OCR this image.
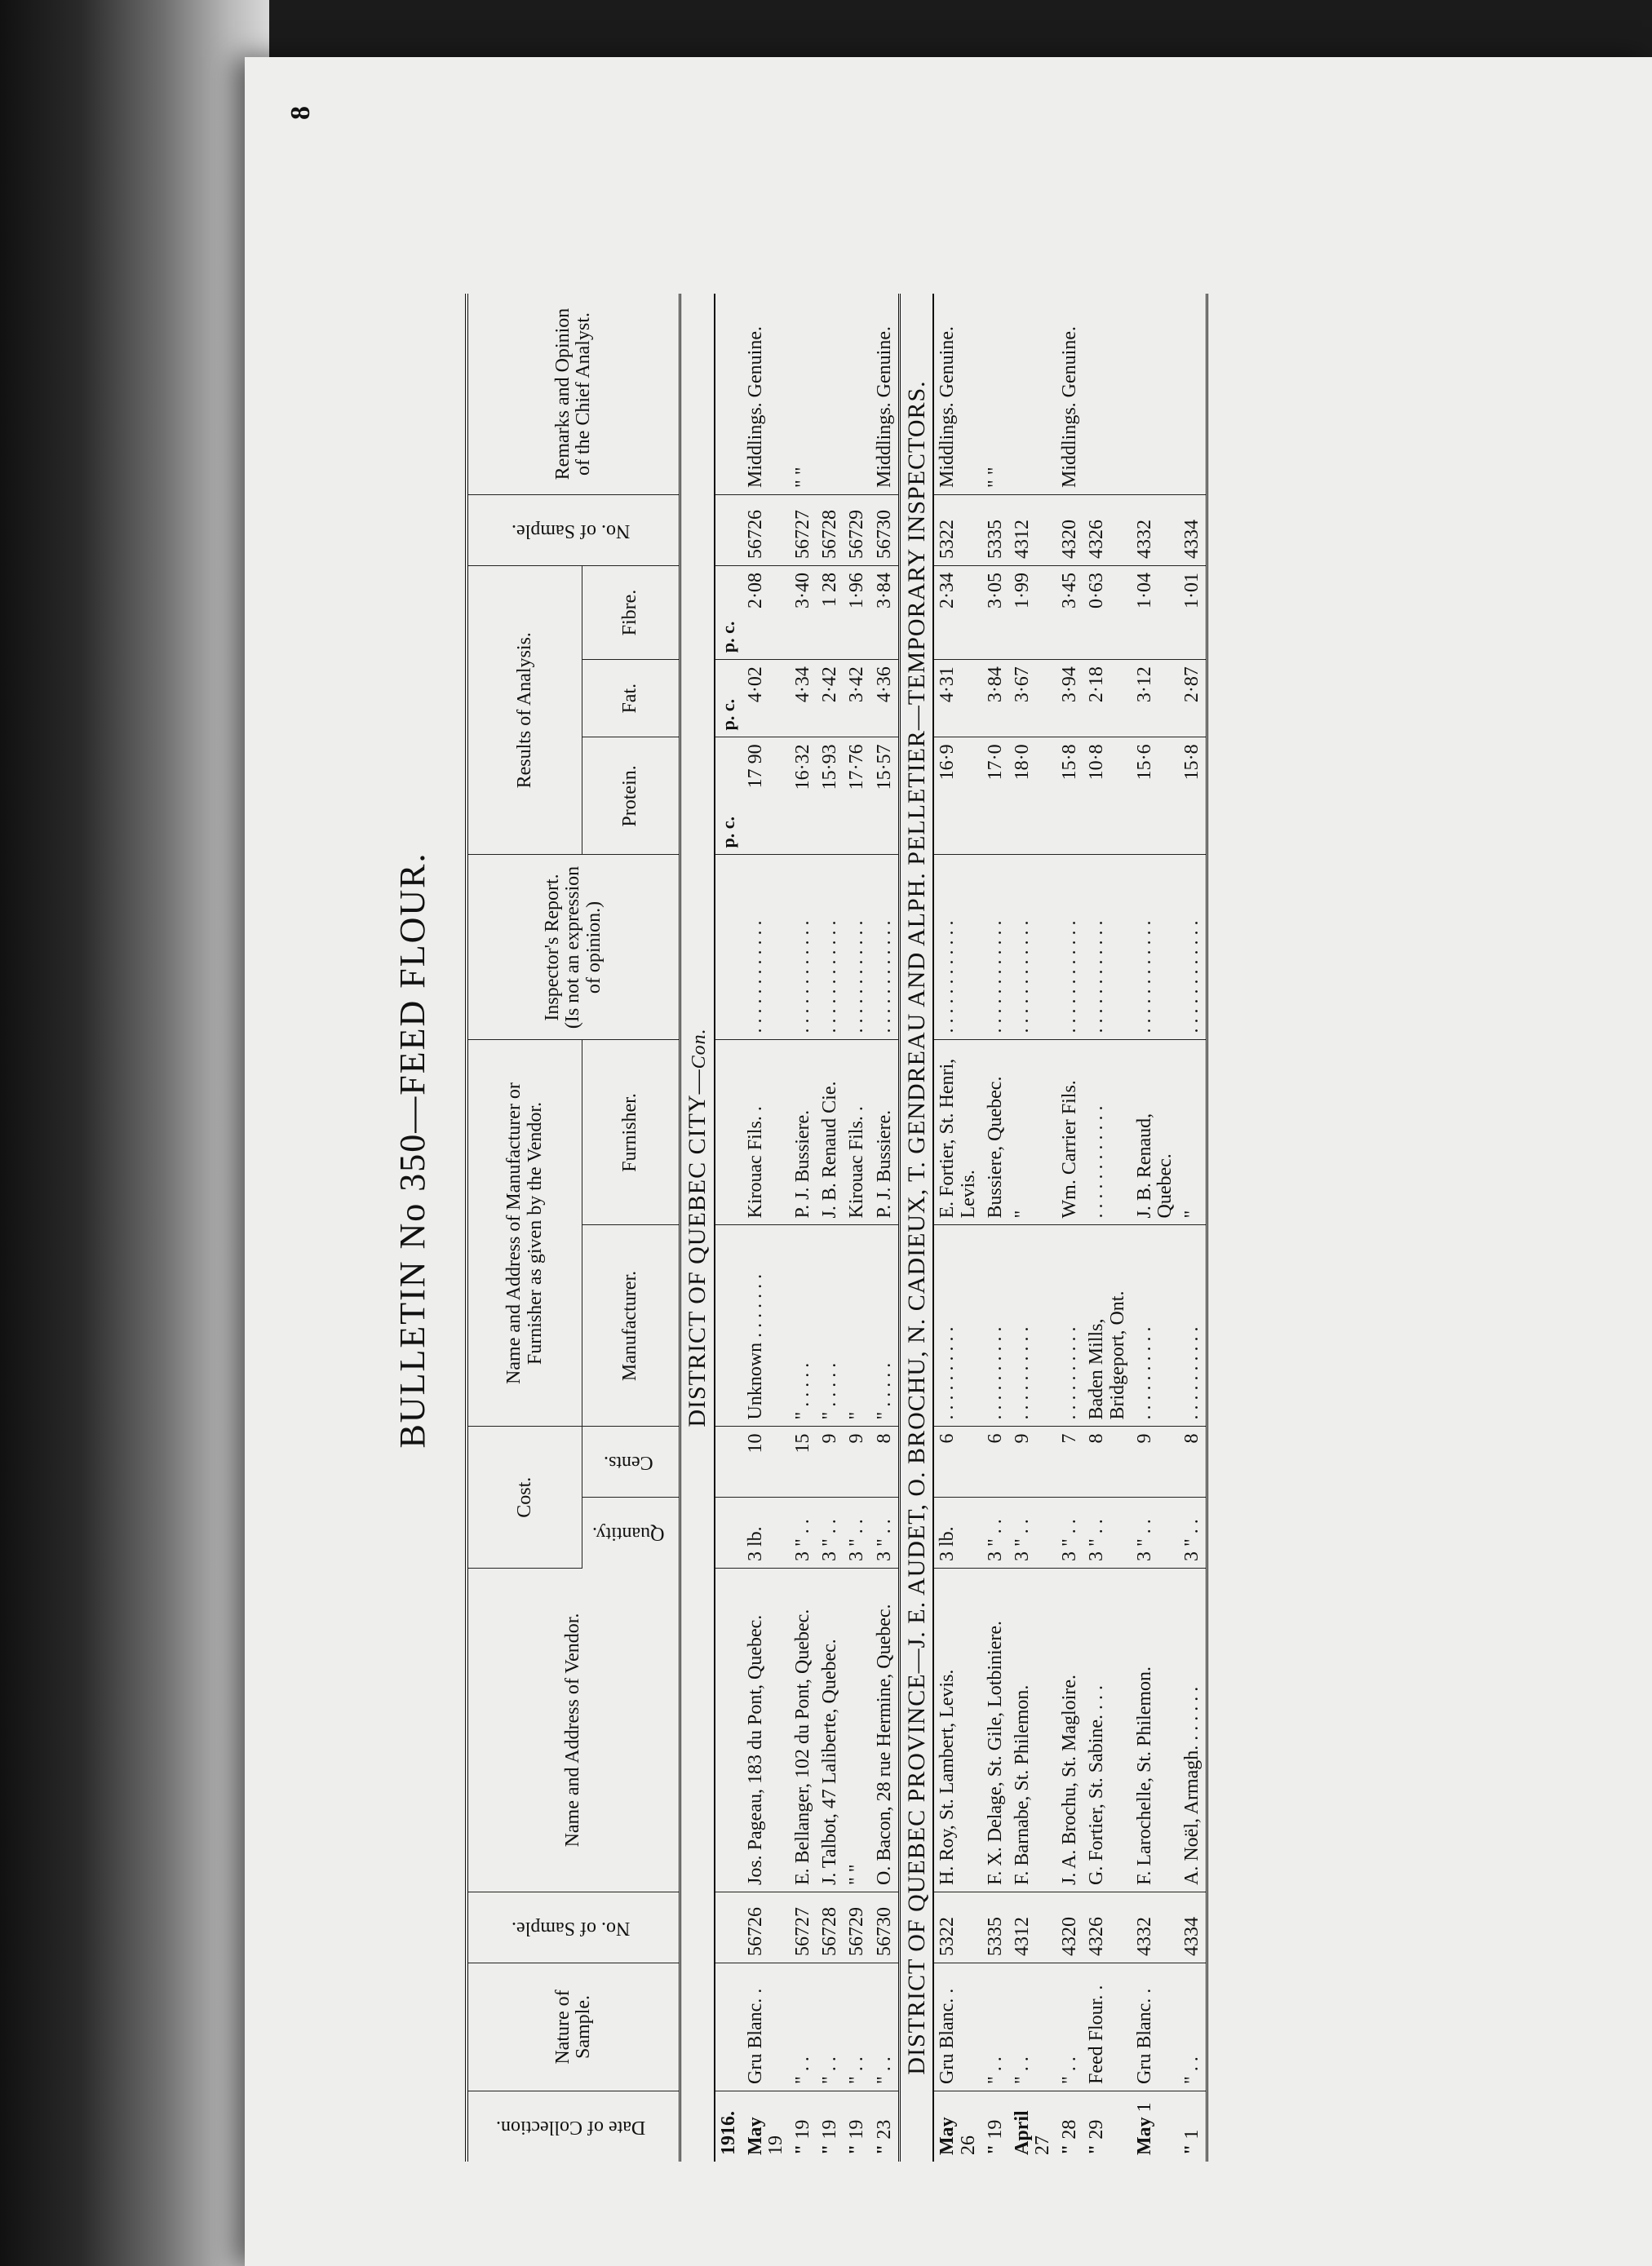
8
BULLETIN No 350—FEED FLOUR.
Date of Collection.	Nature of Sample.	No. of Sample.	Name and Address of Vendor.	Cost.		Name and Address of Manufacturer or Furnisher as given by the Vendor.		Inspector's Report. (Is not an expression of opinion.)	Results of Analysis.			No. of Sample.	Remarks and Opinion of the Chief Analyst.
				Quantity.	Cents.	Manufacturer.	Furnisher.		Protein.	Fat.	Fibre.		
DISTRICT OF QUEBEC CITY—Con.													
1916.									p. c.	p. c.	p. c.		
May 19	Gru Blanc. .	56726	Jos. Pageau, 183 du Pont, Quebec.	3 lb.	10	Unknown . . . . . . .	Kirouac Fils. .	. . . . . . . . . . . .	17 90	4·02	2·08	56726	Middlings. Genuine.
" 19	" . .	56727	E. Bellanger, 102 du Pont, Quebec.	3 " . .	15	" . . . . .	P. J. Bussiere.	. . . . . . . . . . . .	16·32	4·34	3·40	56727	" "
" 19	" . .	56728	J. Talbot, 47 Laliberte, Quebec.	3 " . .	9	" . . . . .	J. B. Renaud Cie.	. . . . . . . . . . . .	15·93	2·42	1 28	56728	
" 19	" . .	56729	" "	3 " . .	9	"	Kirouac Fils. .	. . . . . . . . . . . .	17·76	3·42	1·96	56729	
" 23	" . .	56730	O. Bacon, 28 rue Hermine, Quebec.	3 " . .	8	" . . . . .	P. J. Bussiere.	. . . . . . . . . . . .	15·57	4·36	3·84	56730	Middlings. Genuine.
DISTRICT OF QUEBEC PROVINCE—J. E. AUDET, O. BROCHU, N. CADIEUX, T. GENDREAU AND ALPH. PELLETIER—TEMPORARY INSPECTORS.													
May 26	Gru Blanc. .	5322	H. Roy, St. Lambert, Levis.	3 lb.	6	. . . . . . . . . .	E. Fortier, St. Henri, Levis.	. . . . . . . . . . . .	16·9	4·31	2·34	5322	Middlings. Genuine.
" 19	" . .	5335	F. X. Delage, St. Gile, Lotbiniere.	3 " . .	6	. . . . . . . . . .	Bussiere, Quebec.	. . . . . . . . . . . .	17·0	3·84	3·05	5335	" "
April 27	" . .	4312	F. Barnabe, St. Philemon.	3 " . .	9	. . . . . . . . . .	"	. . . . . . . . . . . .	18·0	3·67	1·99	4312	
" 28	" . .	4320	J. A. Brochu, St. Magloire.	3 " . .	7	. . . . . . . . . .	Wm. Carrier Fils.	. . . . . . . . . . . .	15·8	3·94	3·45	4320	Middlings. Genuine.
" 29	Feed Flour. .	4326	G. Fortier, St. Sabine. . . .	3 " . .	8	Baden Mills, Bridgeport, Ont.	. . . . . . . . . . . .	. . . . . . . . . . . .	10·8	2·18	0·63	4326	
May 1	Gru Blanc. .	4332	F. Larochelle, St. Philemon.	3 " . .	9	. . . . . . . . . .	J. B. Renaud, Quebec.	. . . . . . . . . . . .	15·6	3·12	1·04	4332	
" 1	" . .	4334	A. Noël, Armagh. . . . . . .	3 " . .	8	. . . . . . . . . .	"	. . . . . . . . . . . .	15·8	2·87	1·01	4334	
